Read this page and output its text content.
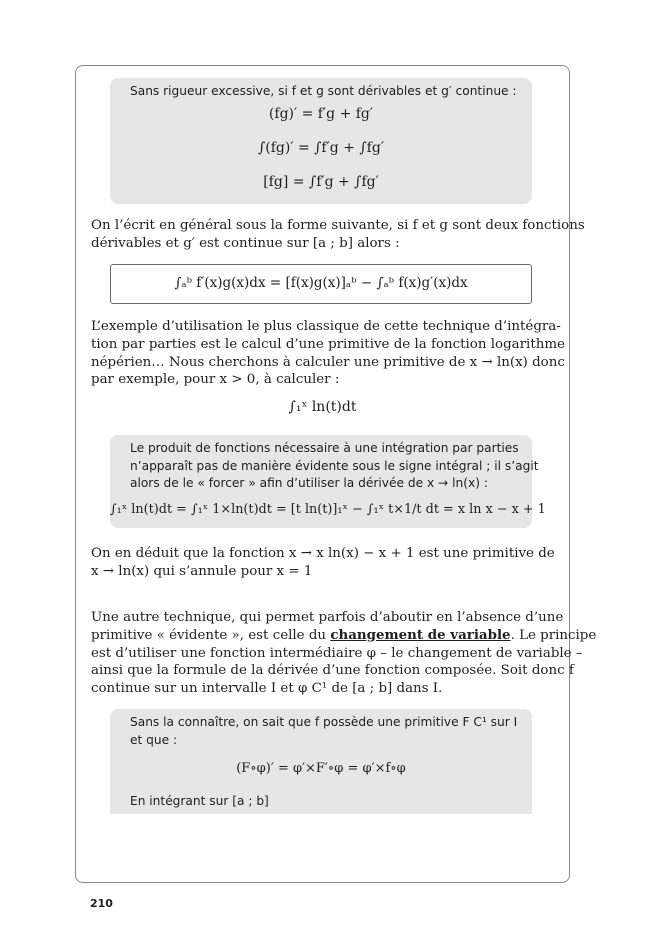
Sans rigueur excessive, si f et g sont dérivables et g′ continue :
(fg)′ = f′g + fg′
∫(fg)′ = ∫f′g + ∫fg′
[fg] = ∫f′g + ∫fg′
On l’écrit en général sous la forme suivante, si f et g sont deux fonctions
dérivables et g′ est continue sur [a ; b] alors :
∫ₐᵇ f′(x)g(x)dx = [f(x)g(x)]ₐᵇ − ∫ₐᵇ f(x)g′(x)dx
L’exemple d’utilisation le plus classique de cette technique d’intégra-
tion par parties est le calcul d’une primitive de la fonction logarithme
népérien… Nous cherchons à calculer une primitive de x → ln(x) donc
par exemple, pour x > 0, à calculer :
∫₁ˣ ln(t)dt
Le produit de fonctions nécessaire à une intégration par parties
n’apparaît pas de manière évidente sous le signe intégral ; il s’agit
alors de le « forcer » afin d’utiliser la dérivée de x → ln(x) :
∫₁ˣ ln(t)dt = ∫₁ˣ 1×ln(t)dt = [t ln(t)]₁ˣ − ∫₁ˣ t×1/t dt = x ln x − x + 1
On en déduit que la fonction x → x ln(x) − x + 1 est une primitive de
x → ln(x) qui s’annule pour x = 1
Une autre technique, qui permet parfois d’aboutir en l’absence d’une
primitive « évidente », est celle du changement de variable. Le principe
est d’utiliser une fonction intermédiaire φ – le changement de variable –
ainsi que la formule de la dérivée d’une fonction composée. Soit donc f
continue sur un intervalle I et φ C¹ de [a ; b] dans I.
Sans la connaître, on sait que f possède une primitive F C¹ sur I
et que :
(F∘φ)′ = φ′×F′∘φ = φ′×f∘φ
En intégrant sur [a ; b]
210
